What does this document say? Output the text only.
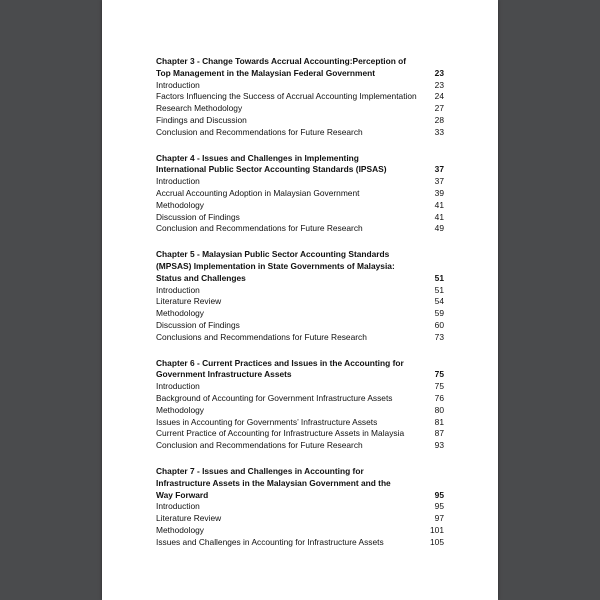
Chapter 3 - Change Towards Accrual Accounting:Perception of Top Management in the Malaysian Federal Government	23
Introduction	23
Factors Influencing the Success of Accrual Accounting Implementation	24
Research Methodology	27
Findings and Discussion	28
Conclusion and Recommendations for Future Research	33
Chapter 4 - Issues and Challenges in Implementing International Public Sector Accounting Standards (IPSAS)	37
Introduction	37
Accrual Accounting Adoption in Malaysian Government	39
Methodology	41
Discussion of Findings	41
Conclusion and Recommendations for Future Research	49
Chapter 5 - Malaysian Public Sector Accounting Standards (MPSAS) Implementation in State Governments of Malaysia: Status and Challenges	51
Introduction	51
Literature Review	54
Methodology	59
Discussion of Findings	60
Conclusions and Recommendations for Future Research	73
Chapter 6 - Current Practices and Issues in the Accounting for Government Infrastructure Assets	75
Introduction	75
Background of Accounting for Government Infrastructure Assets	76
Methodology	80
Issues in Accounting for Governments’ Infrastructure Assets	81
Current Practice of Accounting for Infrastructure Assets in Malaysia	87
Conclusion and Recommendations for Future Research	93
Chapter 7 - Issues and Challenges in Accounting for Infrastructure Assets in the Malaysian Government and the Way Forward	95
Introduction	95
Literature Review	97
Methodology	101
Issues and Challenges in Accounting for Infrastructure Assets	105
